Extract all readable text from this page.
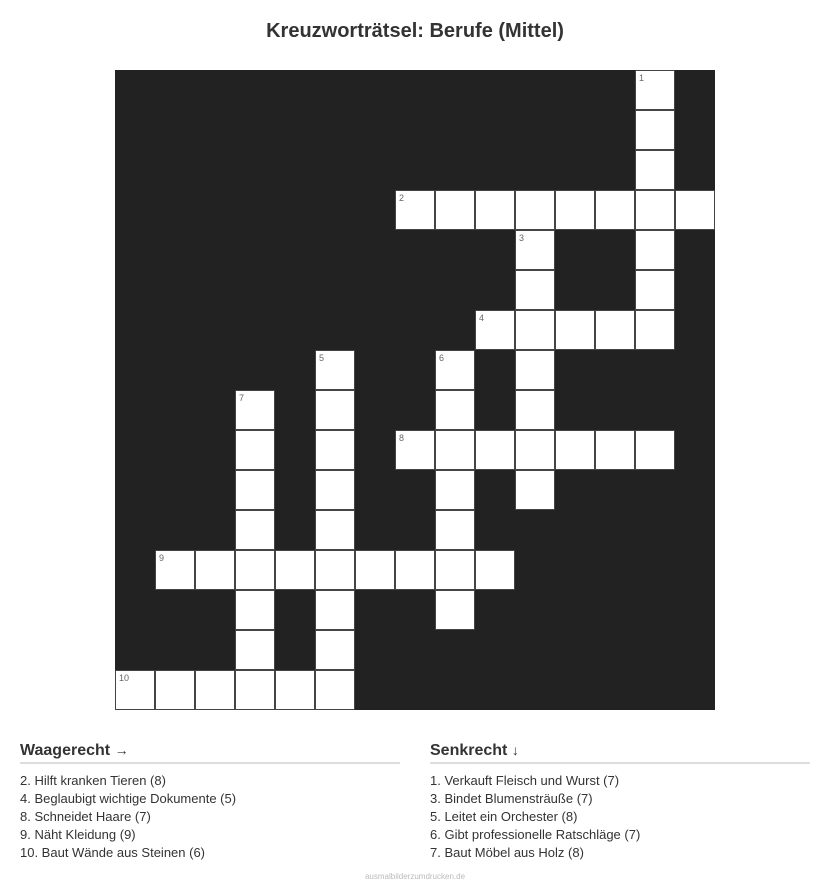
Kreuzworträtsel: Berufe (Mittel)
1
2
3
4
5	6
7
8
9
10
Waagerecht →
2. Hilft kranken Tieren (8)
4. Beglaubigt wichtige Dokumente (5)
8. Schneidet Haare (7)
9. Näht Kleidung (9)
10. Baut Wände aus Steinen (6)
Senkrecht ↓
1. Verkauft Fleisch und Wurst (7)
3. Bindet Blumensträuße (7)
5. Leitet ein Orchester (8)
6. Gibt professionelle Ratschläge (7)
7. Baut Möbel aus Holz (8)
ausmalbilderzumdrucken.de
